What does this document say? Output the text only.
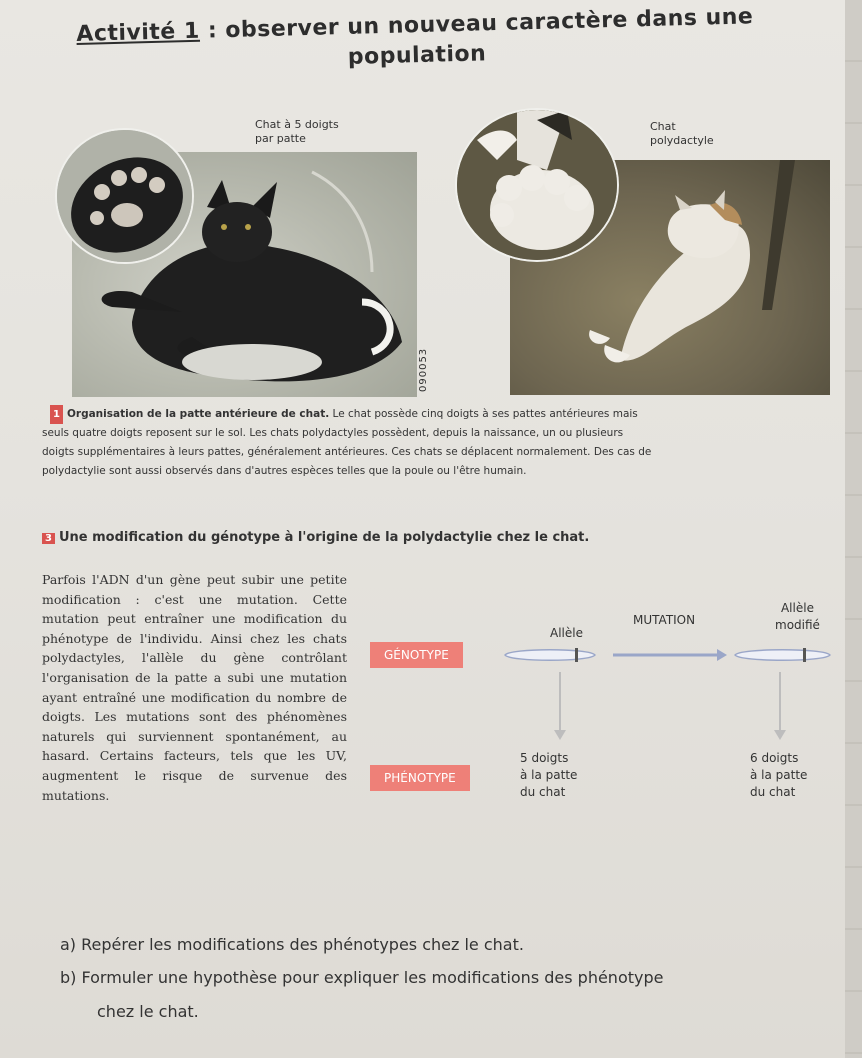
Activité 1 : observer un nouveau caractère dans une
population
Chat à 5 doigts
par patte
Chat
polydactyle
090053
1 Organisation de la patte antérieure de chat. Le chat possède cinq doigts à ses pattes antérieures mais
seuls quatre doigts reposent sur le sol. Les chats polydactyles possèdent, depuis la naissance, un ou plusieurs
doigts supplémentaires à leurs pattes, généralement antérieures. Ces chats se déplacent normalement. Des cas de
polydactylie sont aussi observés dans d'autres espèces telles que la poule ou l'être humain.
3 Une modification du génotype à l'origine de la polydactylie chez le chat.
Parfois l'ADN d'un gène peut subir une petite modification : c'est une mutation. Cette mutation peut entraîner une modification du phénotype de l'individu. Ainsi chez les chats polydactyles, l'allèle du gène contrôlant l'organisation de la patte a subi une mutation ayant entraîné une modification du nombre de doigts. Les mutations sont des phénomènes naturels qui surviennent spontanément, au hasard. Certains facteurs, tels que les UV, augmentent le risque de survenue des mutations.
GÉNOTYPE
PHÉNOTYPE
Allèle
MUTATION
Allèle
modifié
5 doigts
à la patte
du chat
6 doigts
à la patte
du chat
a) Repérer les modifications des phénotypes chez le chat.
b) Formuler une hypothèse pour expliquer les modifications des phénotype
chez le chat.
